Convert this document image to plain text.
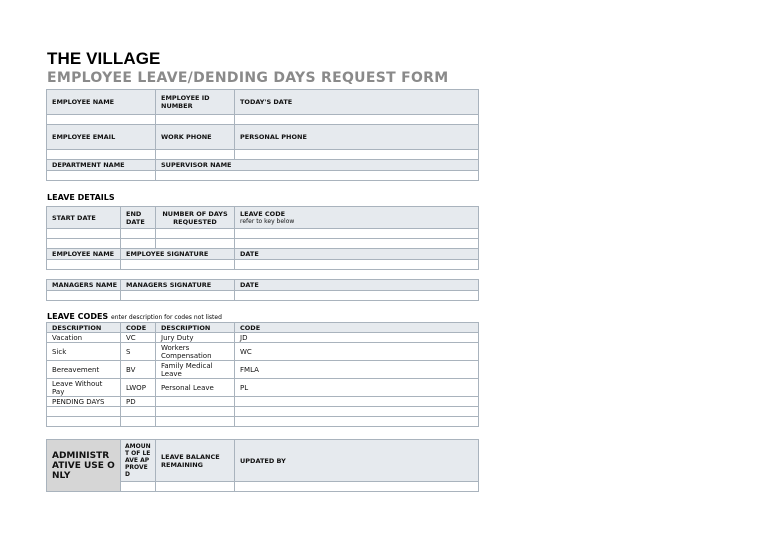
THE VILLAGE
EMPLOYEE LEAVE/DENDING DAYS REQUEST FORM
EMPLOYEE NAME	EMPLOYEE ID NUMBER	TODAY'S DATE

EMPLOYEE EMAIL	WORK PHONE	PERSONAL PHONE

DEPARTMENT NAME	SUPERVISOR NAME	

LEAVE DETAILS
START DATE	END DATE	NUMBER OF DAYS REQUESTED	LEAVE CODE
refer to key below

EMPLOYEE NAME	EMPLOYEE SIGNATURE		DATE

MANAGERS NAME	MANAGERS SIGNATURE	DATE

LEAVE CODES enter description for codes not listed
DESCRIPTION	CODE	DESCRIPTION	CODE
Vacation	VC	Jury Duty	JD
Sick	S	Workers Compensation	WC
Bereavement	BV	Family Medical Leave	FMLA
Leave Without Pay	LWOP	Personal Leave	PL
PENDING DAYS	PD		

ADMINISTRATIVE USE ONLY	AMOUNT OF LEAVE APPROVED	LEAVE BALANCE REMAINING	UPDATED BY
